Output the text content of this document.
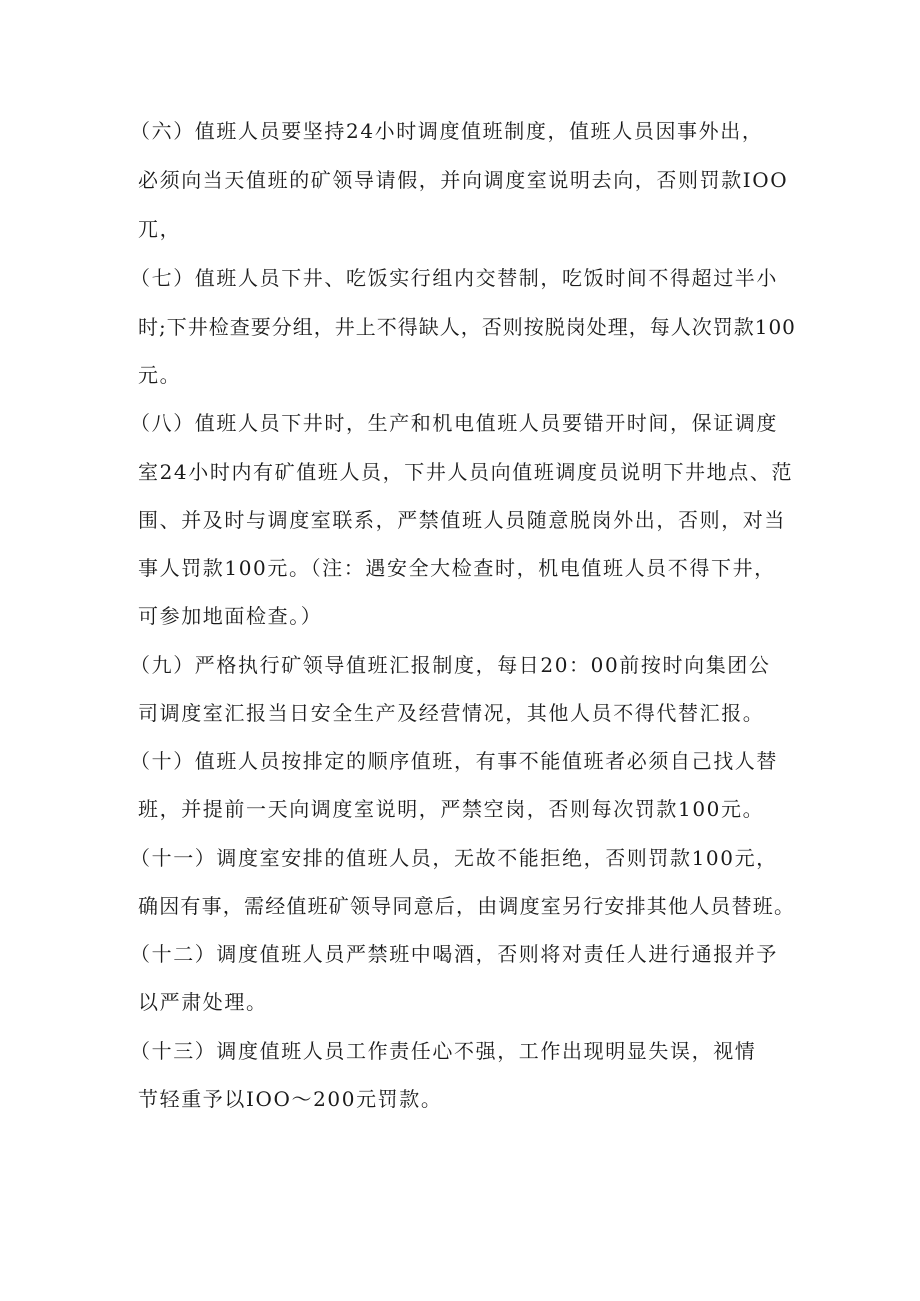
（六）值班人员要坚持24小时调度值班制度，值班人员因事外出，

必须向当天值班的矿领导请假，并向调度室说明去向，否则罚款IOO

兀，

（七）值班人员下井、吃饭实行组内交替制，吃饭时间不得超过半小

时;下井检查要分组，井上不得缺人，否则按脱岗处理，每人次罚款100

元。

（八）值班人员下井时，生产和机电值班人员要错开时间，保证调度

室24小时内有矿值班人员，下井人员向值班调度员说明下井地点、范

围、并及时与调度室联系，严禁值班人员随意脱岗外出，否则，对当

事人罚款100元。（注：遇安全大检查时，机电值班人员不得下井，

可参加地面检查。）

（九）严格执行矿领导值班汇报制度，每日20：00前按时向集团公

司调度室汇报当日安全生产及经营情况，其他人员不得代替汇报。

（十）值班人员按排定的顺序值班，有事不能值班者必须自己找人替

班，并提前一天向调度室说明，严禁空岗，否则每次罚款100元。

（十一）调度室安排的值班人员，无故不能拒绝，否则罚款100元，

确因有事，需经值班矿领导同意后，由调度室另行安排其他人员替班。

（十二）调度值班人员严禁班中喝酒，否则将对责任人进行通报并予

以严肃处理。

（十三）调度值班人员工作责任心不强，工作出现明显失误，视情

节轻重予以IOO～200元罚款。
